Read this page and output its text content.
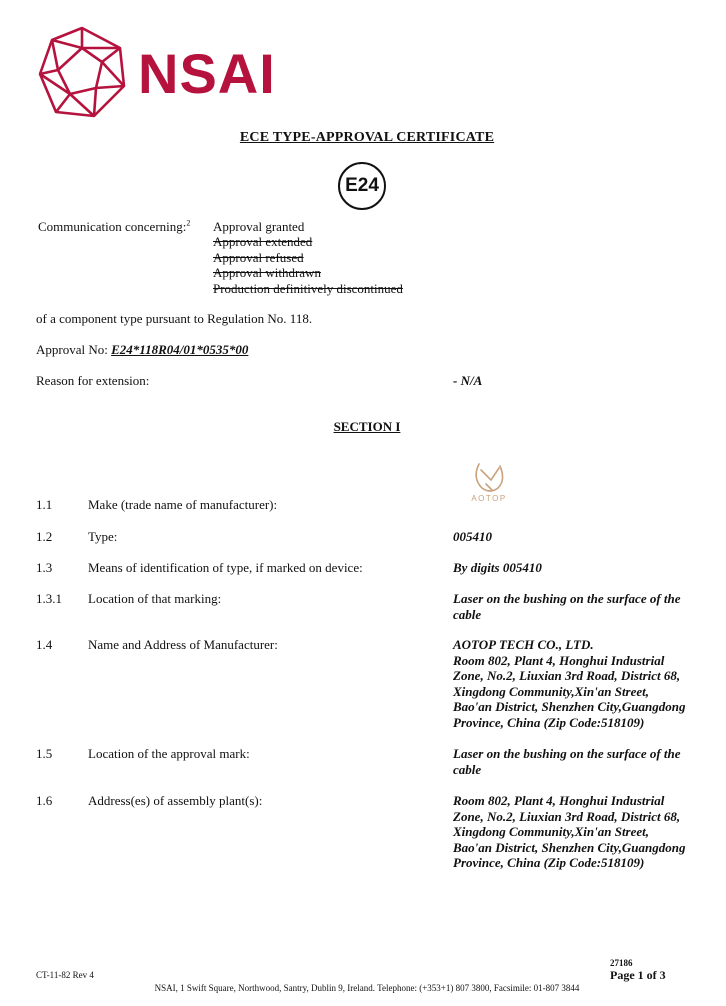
NSAI
ECE TYPE-APPROVAL CERTIFICATE
E24
Communication concerning:$^2$ Approval granted
Approval extended
Approval refused
Approval withdrawn
Production definitively discontinued
of a component type pursuant to Regulation No. 118.
Approval No: E24*118R04/01*0535*00
Reason for extension:	- N/A
SECTION I
1.1	Make (trade name of manufacturer):	AOTOP
1.2	Type:	005410
1.3	Means of identification of type, if marked on device:	By digits 005410
1.3.1 Location of that marking:	Laser on the bushing on the surface of the
cable
1.4	Name and Address of Manufacturer:	AOTOP TECH CO., LTD.
Room 802, Plant 4, Honghui Industrial
Zone, No.2, Liuxian 3rd Road, District 68,
Xingdong Community,Xin'an Street,
Bao'an District, Shenzhen City,Guangdong
Province, China (Zip Code:518109)
1.5	Location of the approval mark:	Laser on the bushing on the surface of the
cable
1.6	Address(es) of assembly plant(s):	Room 802, Plant 4, Honghui Industrial
Zone, No.2, Liuxian 3rd Road, District 68,
Xingdong Community,Xin'an Street,
Bao'an District, Shenzhen City,Guangdong
Province, China (Zip Code:518109)
27186
Page 1 of 3
CT-11-82 Rev 4
NSAI, 1 Swift Square, Northwood, Santry, Dublin 9, Ireland. Telephone: (+353+1) 807 3800, Facsimile: 01-807 3844
